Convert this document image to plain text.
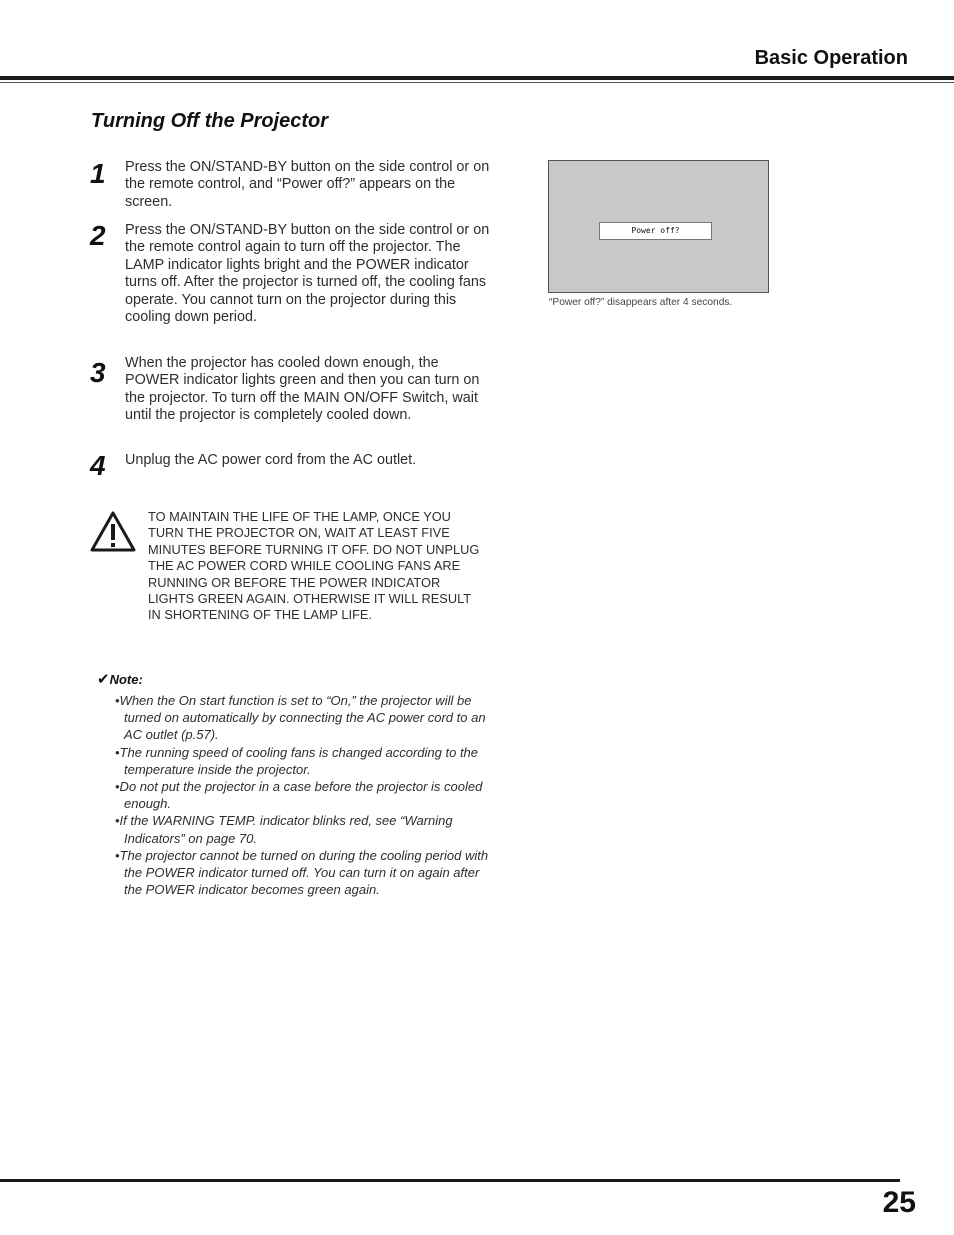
Basic Operation
Turning Off the Projector
1 Press the ON/STAND-BY button on the side control or on the remote control, and “Power off?” appears on the screen.
2 Press the ON/STAND-BY button on the side control or on the remote control again to turn off the projector. The LAMP indicator lights bright and the POWER indicator turns off. After the projector is turned off, the cooling fans operate. You cannot turn on the projector during this cooling down period.
3 When the projector has cooled down enough, the POWER indicator lights green and then you can turn on the projector. To turn off the MAIN ON/OFF Switch, wait until the projector is completely cooled down.
4 Unplug the AC power cord from the AC outlet.
TO MAINTAIN THE LIFE OF THE LAMP, ONCE YOU TURN THE PROJECTOR ON, WAIT AT LEAST FIVE MINUTES BEFORE TURNING IT OFF. DO NOT UNPLUG THE AC POWER CORD WHILE COOLING FANS ARE RUNNING OR BEFORE THE POWER INDICATOR LIGHTS GREEN AGAIN. OTHERWISE IT WILL RESULT IN SHORTENING OF THE LAMP LIFE.
✔Note:
•When the On start function is set to “On,” the projector will be turned on automatically by connecting the AC power cord to an AC outlet (p.57).
•The running speed of cooling fans is changed according to the temperature inside the projector.
•Do not put the projector in a case before the projector is cooled enough.
•If the WARNING TEMP. indicator blinks red, see “Warning Indicators” on page 70.
•The projector cannot be turned on during the cooling period with the POWER indicator turned off. You can turn it on again after the POWER indicator becomes green again.
Power off?
“Power off?” disappears after 4 seconds.
25
